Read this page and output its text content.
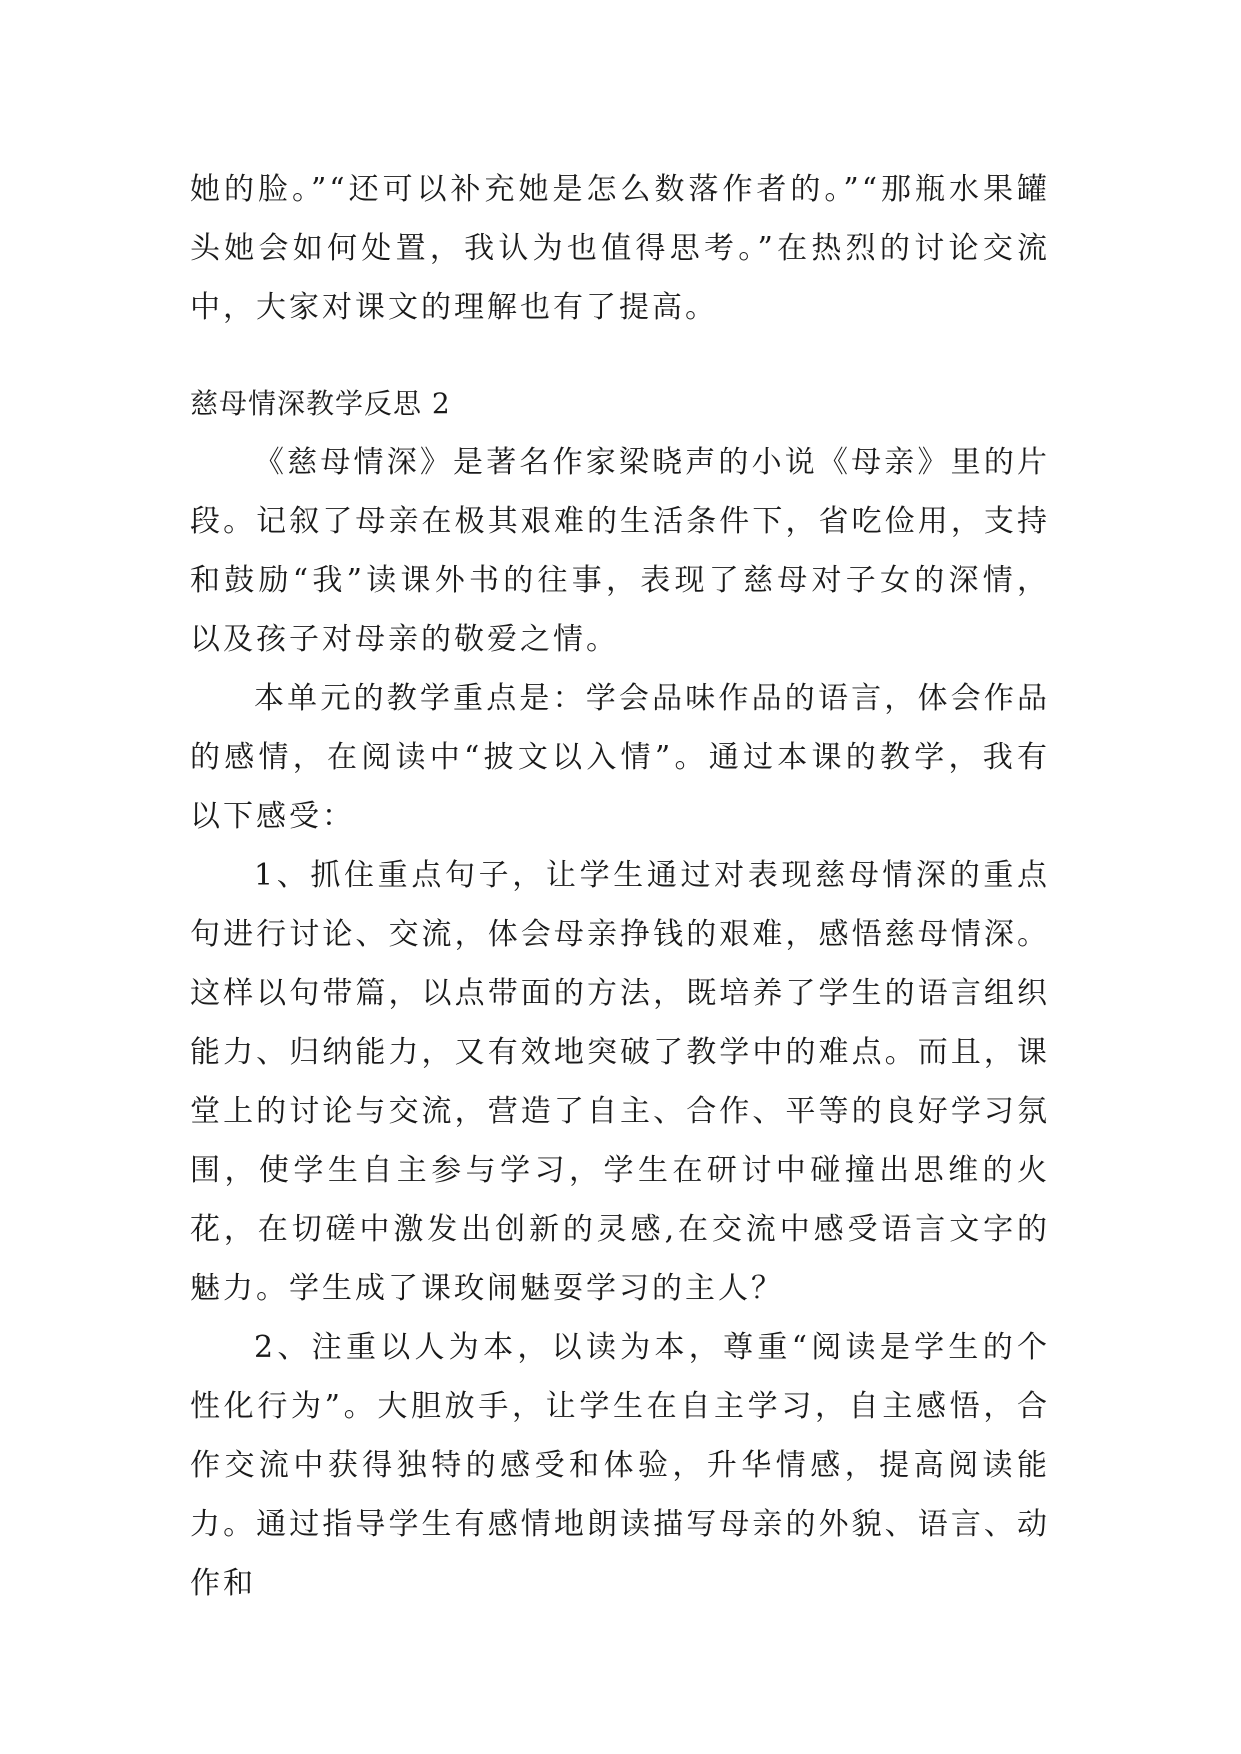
她的脸。”“还可以补充她是怎么数落作者的。”“那瓶水果罐头她会如何处置，我认为也值得思考。”在热烈的讨论交流中，大家对课文的理解也有了提高。

慈母情深教学反思 2

《慈母情深》是著名作家梁晓声的小说《母亲》里的片段。记叙了母亲在极其艰难的生活条件下，省吃俭用，支持和鼓励“我”读课外书的往事，表现了慈母对子女的深情，以及孩子对母亲的敬爱之情。

本单元的教学重点是：学会品味作品的语言，体会作品的感情，在阅读中“披文以入情”。通过本课的教学，我有以下感受：

1、抓住重点句子，让学生通过对表现慈母情深的重点句进行讨论、交流，体会母亲挣钱的艰难，感悟慈母情深。这样以句带篇，以点带面的方法，既培养了学生的语言组织能力、归纳能力，又有效地突破了教学中的难点。而且，课堂上的讨论与交流，营造了自主、合作、平等的良好学习氛围，使学生自主参与学习，学生在研讨中碰撞出思维的火花，在切磋中激发出创新的灵感,在交流中感受语言文字的魅力。学生成了课玫闹魅耍学习的主人？

2、注重以人为本，以读为本，尊重“阅读是学生的个性化行为”。大胆放手，让学生在自主学习，自主感悟，合作交流中获得独特的感受和体验，升华情感，提高阅读能力。通过指导学生有感情地朗读描写母亲的外貌、语言、动作和
